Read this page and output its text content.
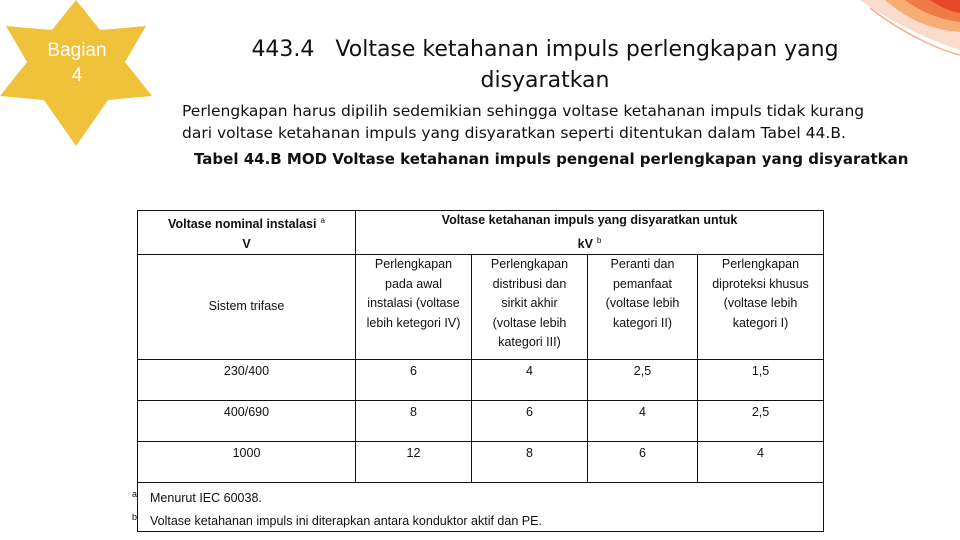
Bagian
4
443.4   Voltase ketahanan impuls perlengkapan yang
disyaratkan
Perlengkapan harus dipilih sedemikian sehingga voltase ketahanan impuls tidak kurang
dari voltase ketahanan impuls yang disyaratkan seperti ditentukan dalam Tabel 44.B.
Tabel 44.B MOD Voltase ketahanan impuls pengenal perlengkapan yang disyaratkan
Voltase nominal instalasi $^a$
V	Voltase ketahanan impuls yang disyaratkan untuk
kV $^b$
Sistem trifase	Perlengkapan
pada awal
instalasi (voltase
lebih ketegori IV)	Perlengkapan
distribusi dan
sirkit akhir
(voltase lebih
kategori III)	Peranti dan
pemanfaat
(voltase lebih
kategori II)	Perlengkapan
diproteksi khusus
(voltase lebih
kategori I)
230/400	6	4	2,5	1,5
400/690	8	6	4	2,5
1000	12	8	6	4

a Menurut IEC 60038.
b Voltase ketahanan impuls ini diterapkan antara konduktor aktif dan PE.				
